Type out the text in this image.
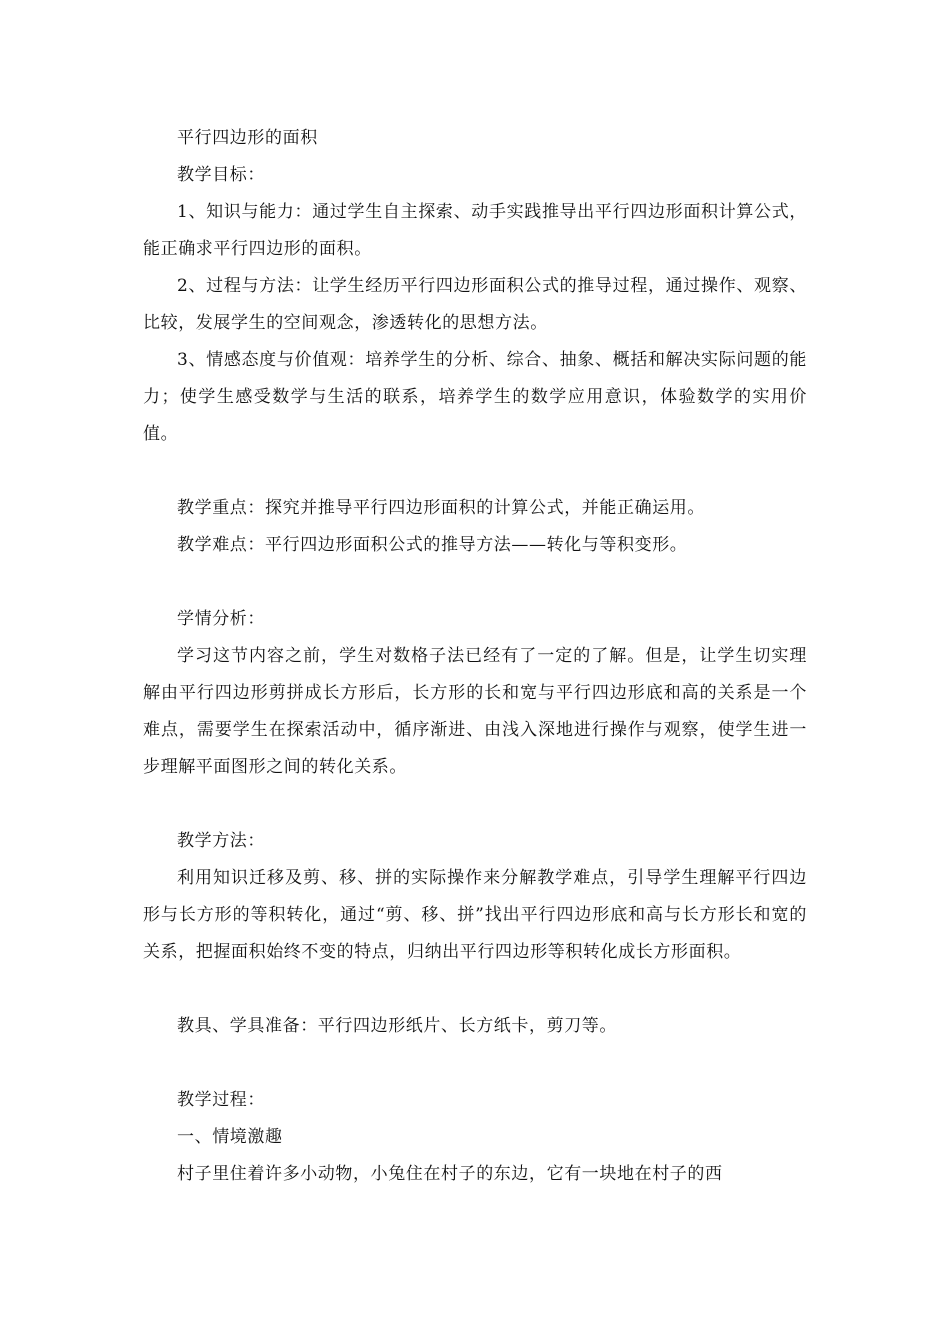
平行四边形的面积

教学目标：

1、知识与能力：通过学生自主探索、动手实践推导出平行四边形面积计算公式，能正确求平行四边形的面积。

2、过程与方法：让学生经历平行四边形面积公式的推导过程，通过操作、观察、比较，发展学生的空间观念，渗透转化的思想方法。

3、情感态度与价值观：培养学生的分析、综合、抽象、概括和解决实际问题的能力；使学生感受数学与生活的联系，培养学生的数学应用意识，体验数学的实用价值。

教学重点：探究并推导平行四边形面积的计算公式，并能正确运用。

教学难点：平行四边形面积公式的推导方法——转化与等积变形。

学情分析：

学习这节内容之前，学生对数格子法已经有了一定的了解。但是，让学生切实理解由平行四边形剪拼成长方形后，长方形的长和宽与平行四边形底和高的关系是一个难点，需要学生在探索活动中，循序渐进、由浅入深地进行操作与观察，使学生进一步理解平面图形之间的转化关系。

教学方法：

利用知识迁移及剪、移、拼的实际操作来分解教学难点，引导学生理解平行四边形与长方形的等积转化，通过“剪、移、拼”找出平行四边形底和高与长方形长和宽的关系，把握面积始终不变的特点，归纳出平行四边形等积转化成长方形面积。

教具、学具准备：平行四边形纸片、长方纸卡，剪刀等。

教学过程：

一、情境激趣

村子里住着许多小动物，小兔住在村子的东边，它有一块地在村子的西
